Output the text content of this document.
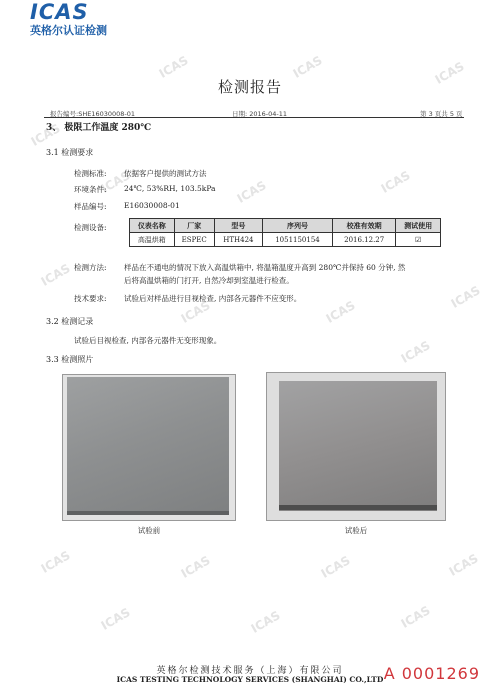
ICAS
ICAS	ICAS	ICAS
ICAS	ICAS	ICAS
ICAS
ICAS	ICAS
ICAS
ICAS
ICAS	ICAS	ICAS	ICAS
ICAS	ICAS	ICAS
ICAS
英格尔认证检测
检测报告
报告编号:SHE16030008-01	日期: 2016-04-11	第 3 页共 5 页
3、 极限工作温度 280℃
3.1 检测要求
检测标准: 依据客户提供的测试方法
环境条件: 24℃, 53%RH, 103.5kPa
样品编号: E16030008-01
检测设备:	仪表名称	厂家	型号	序列号	校准有效期	测试使用
高温烘箱	ESPEC	HTH424	1051150154	2016.12.27	☑
检测方法: 样品在不通电的情况下放入高温烘箱中, 将温箱温度升高到 280℃并保持 60 分钟, 然
后将高温烘箱的门打开, 自然冷却到室温进行检查。
技术要求: 试验后对样品进行目视检查, 内部各元器件不应变形。
3.2 检测记录
试验后目视检查, 内部各元器件无变形现象。
3.3 检测照片
试验前	试验后
英格尔检测技术服务（上海）有限公司
ICAS TESTING TECHNOLOGY SERVICES (SHANGHAI) CO.,LTD A 0001269
